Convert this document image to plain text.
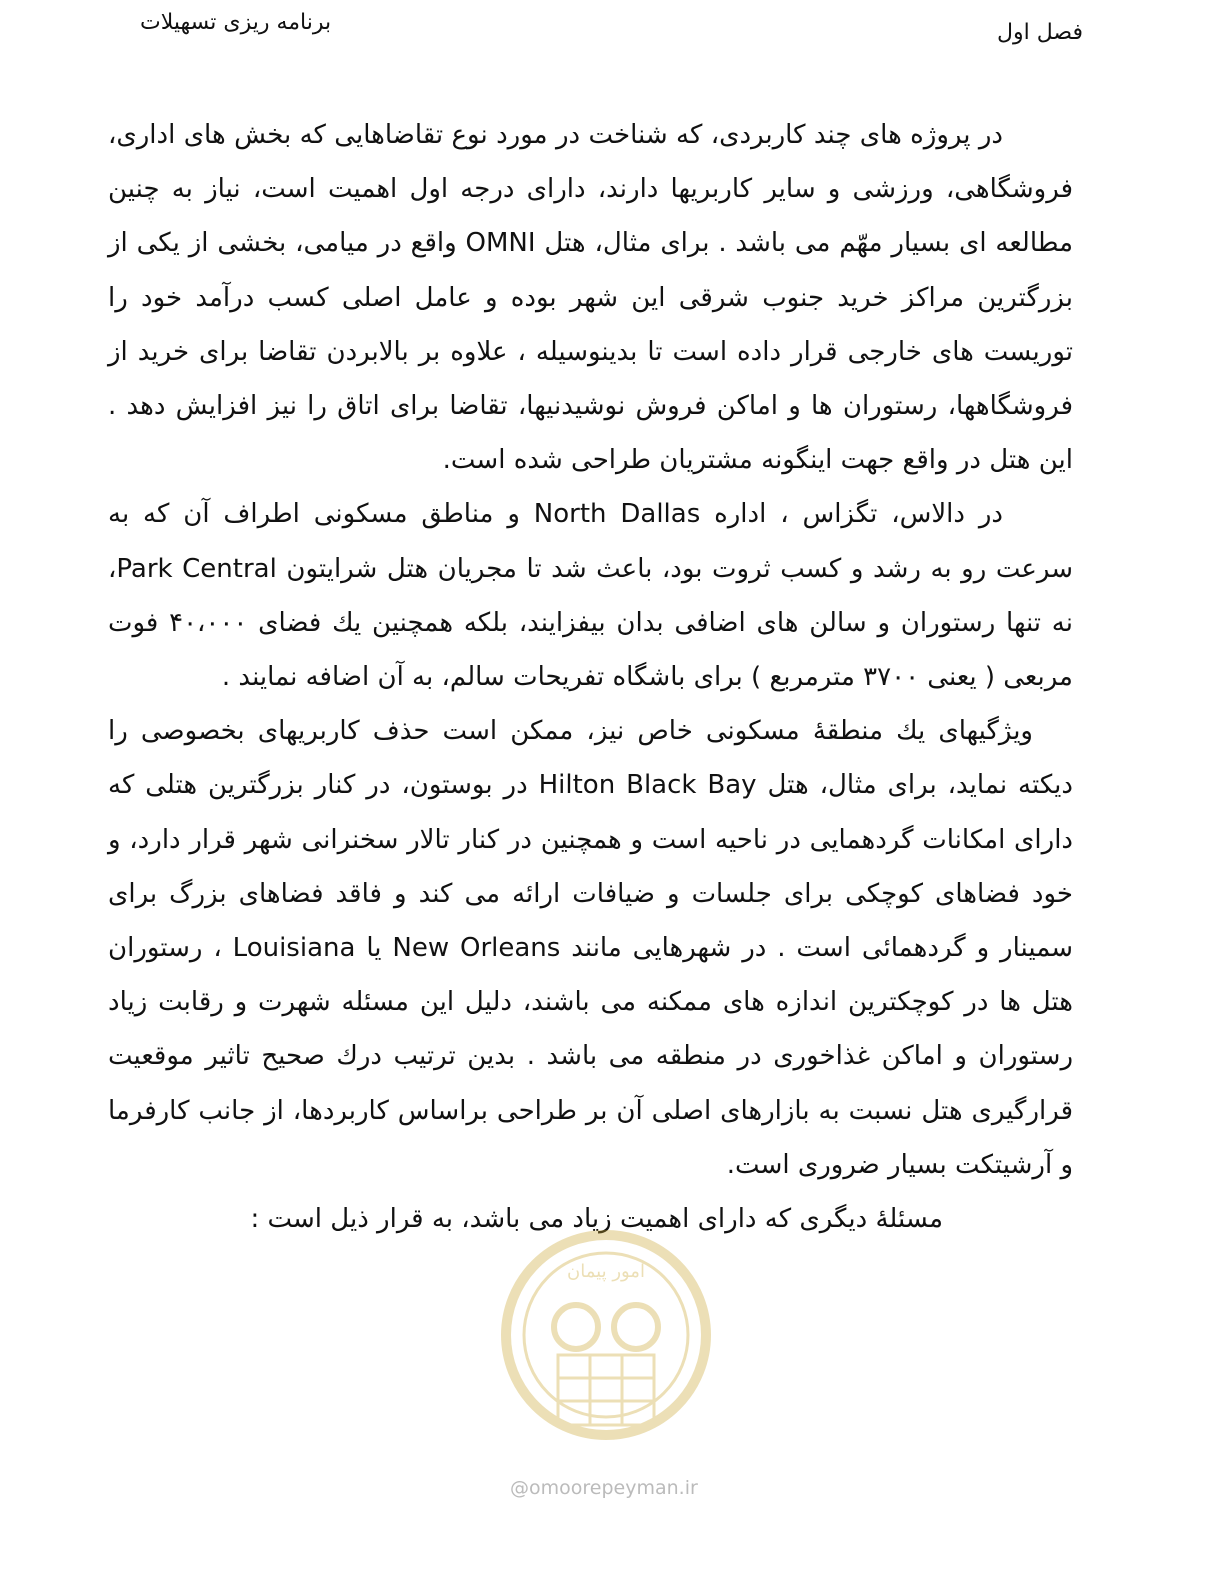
برنامه ریزی تسهیلات	فصل اول

در پروژه های چند کاربردی، که شناخت در مورد نوع تقاضاهایی که بخش های اداری، فروشگاهی، ورزشی و سایر کاربریها دارند، دارای درجه اول اهمیت است، نیاز به چنین مطالعه ای بسیار مهّم می باشد . برای مثال، هتل OMNI واقع در میامی، بخشی از یکی از بزرگترین مراکز خرید جنوب شرقی این شهر بوده و عامل اصلی کسب درآمد خود را توریست های خارجی قرار داده است تا بدینوسیله ، علاوه بر بالابردن تقاضا برای خرید از فروشگاهها، رستوران ها و اماکن فروش نوشیدنیها، تقاضا برای اتاق را نیز افزایش دهد . این هتل در واقع جهت اینگونه مشتریان طراحی شده است.

در دالاس، تگزاس ، اداره North Dallas و مناطق مسکونی اطراف آن که به سرعت رو به رشد و کسب ثروت بود، باعث شد تا مجریان هتل شرایتون Park Central، نه تنها رستوران و سالن های اضافی بدان بیفزایند، بلکه همچنین یك فضای ۴۰،۰۰۰ فوت مربعی ( یعنی ۳۷۰۰ مترمربع ) برای باشگاه تفریحات سالم، به آن اضافه نمایند .

ویژگیهای یك منطقهٔ مسکونی خاص نیز، ممکن است حذف کاربریهای بخصوصی را دیکته نماید، برای مثال، هتل Hilton Black Bay در بوستون، در کنار بزرگترین هتلی که دارای امکانات گردهمایی در ناحیه است و همچنین در کنار تالار سخنرانی شهر قرار دارد، و خود فضاهای کوچکی برای جلسات و ضیافات ارائه می کند و فاقد فضاهای بزرگ برای سمینار و گردهمائی است . در شهرهایی مانند New Orleans یا Louisiana ، رستوران هتل ها در کوچکترین اندازه های ممکنه می باشند، دلیل این مسئله شهرت و رقابت زیاد رستوران و اماکن غذاخوری در منطقه می باشد . بدین ترتیب درك صحیح تاثیر موقعیت قرارگیری هتل نسبت به بازارهای اصلی آن بر طراحی براساس کاربردها، از جانب کارفرما و آرشیتکت بسیار ضروری است.

مسئلهٔ دیگری که دارای اهمیت زیاد می باشد، به قرار ذیل است :

امور پیمان
@omoorepeyman.ir
